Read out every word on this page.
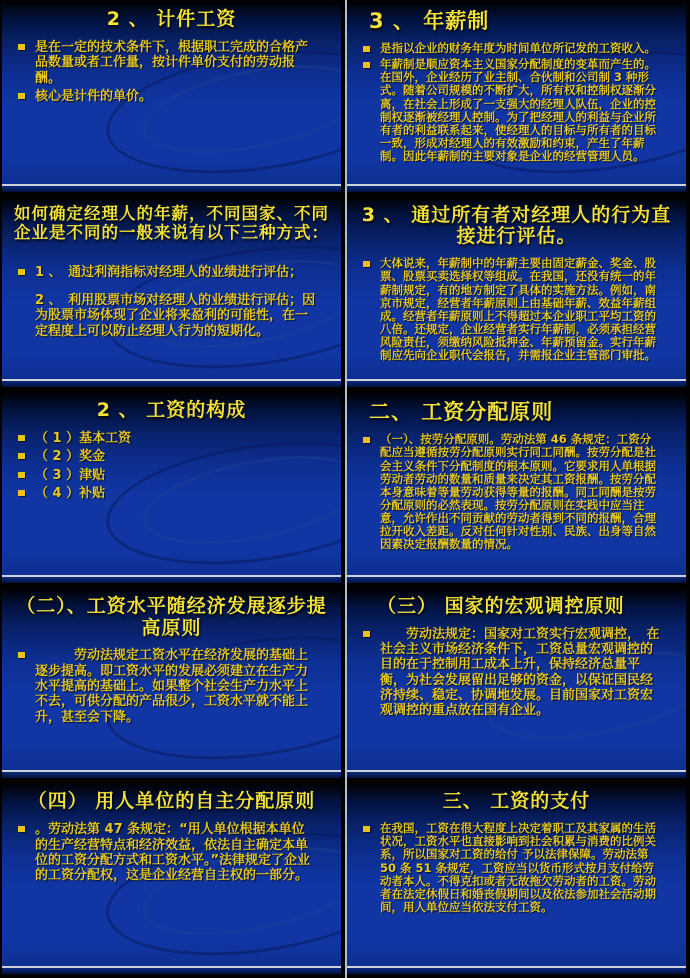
2 、 计件工资
是在一定的技术条件下，根据职工完成的合格产品数量或者工作量，按计件单价支付的劳动报酬。
核心是计件的单价。
3 、 年薪制
是指以企业的财务年度为时间单位所记发的工资收入。
年薪制是顺应资本主义国家分配制度的变革而产生的。在国外，企业经历了业主制、合伙制和公司制 3 种形式。随着公司规模的不断扩大，所有权和控制权逐渐分离，在社会上形成了一支强大的经理人队伍，企业的控制权逐渐被经理人控制。为了把经理人的利益与企业所有者的利益联系起来，使经理人的目标与所有者的目标一致，形成对经理人的有效激励和约束，产生了年薪制。因此年薪制的主要对象是企业的经营管理人员。
如何确定经理人的年薪，不同国家、不同企业是不同的一般来说有以下三种方式：
1 、　通过利润指标对经理人的业绩进行评估；
2 、　利用股票市场对经理人的业绩进行评估；因为股票市场体现了企业将来盈利的可能性，在一定程度上可以防止经理人行为的短期化。
3 、 通过所有者对经理人的行为直接进行评估。
大体说来，年薪制中的年薪主要由固定薪金、奖金、股票、股票买卖选择权等组成。在我国，还没有统一的年薪制规定，有的地方制定了具体的实施方法。例如，南京市规定，经营者年薪原则上由基础年薪、效益年薪组成。经营者年薪原则上不得超过本企业职工平均工资的八倍。还规定，企业经营者实行年薪制，必须承担经营风险责任，须缴纳风险抵押金、年薪预留金。实行年薪制应先向企业职代会报告，并需报企业主管部门审批。
2 、 工资的构成
（ 1 ）基本工资
（ 2 ）奖金
（ 3 ）津贴
（ 4 ）补贴
二、 工资分配原则
（一）、按劳分配原则。劳动法第 46 条规定：工资分配应当遵循按劳分配原则实行同工同酬。按劳分配是社会主义条件下分配制度的根本原则。它要求用人单根据劳动者劳动的数量和质量来决定其工资报酬。按劳分配本身意味着等量劳动获得等量的报酬。同工同酬是按劳分配原则的必然表现。按劳分配原则在实践中应当注意，允许作出不同贡献的劳动者得到不同的报酬，合理拉开收入差距。反对任何针对性别、民族、出身等自然因素决定报酬数量的情况。
（二）、工资水平随经济发展逐步提高原则
　　　劳动法规定工资水平在经济发展的基础上逐步提高。即工资水平的发展必须建立在生产力水平提高的基础上。如果整个社会生产力水平上不去，可供分配的产品很少，工资水平就不能上升，甚至会下降。
（三） 国家的宏观调控原则
　　劳动法规定：国家对工资实行宏观调控，　在社会主义市场经济条件下，工资总量宏观调控的目的在于控制用工成本上升，保持经济总量平衡，为社会发展留出足够的资金，以保证国民经济持续、稳定、协调地发展。目前国家对工资宏观调控的重点放在国有企业。
（四） 用人单位的自主分配原则
。劳动法第 47 条规定：“用人单位根据本单位的生产经营特点和经济效益，依法自主确定本单位的工资分配方式和工资水平。”法律规定了企业的工资分配权，这是企业经营自主权的一部分。
三、 工资的支付
在我国，工资在很大程度上决定着职工及其家属的生活状况，工资水平也直接影响到社会积累与消费的比例关系，所以国家对工资的给付 予以法律保障。劳动法第 50 条 51 条规定，工资应当以货币形式按月支付给劳动者本人。不得克扣或者无故拖欠劳动者的工资。劳动者在法定休假日和婚丧假期间以及依法参加社会活动期间，用人单位应当依法支付工资。
